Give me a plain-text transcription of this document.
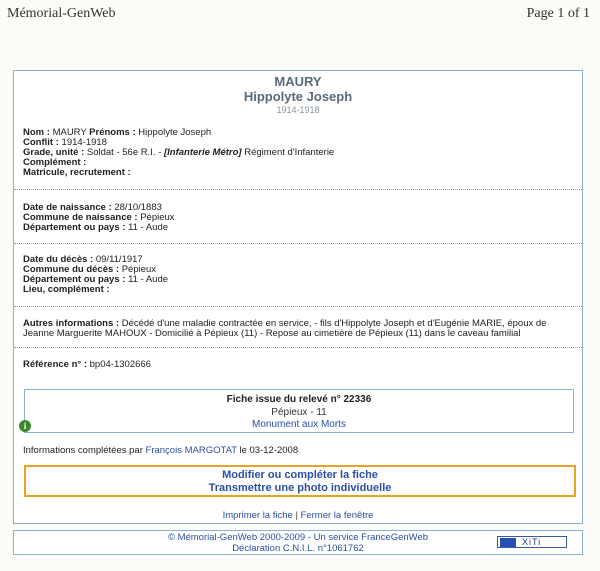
Mémorial-GenWeb	Page 1 of 1
MAURY
Hippolyte Joseph
1914-1918
Nom : MAURY Prénoms : Hippolyte Joseph
Conflit : 1914-1918
Grade, unité : Soldat - 56e R.I. - [Infanterie Métro] Régiment d'Infanterie
Complément :
Matricule, recrutement :
Date de naissance : 28/10/1883
Commune de naissance : Pépieux
Département ou pays : 11 - Aude
Date du décès : 09/11/1917
Commune du décès : Pépieux
Département ou pays : 11 - Aude
Lieu, complément :
Autres informations : Décédé d'une maladie contractée en service, - fils d'Hippolyte Joseph et d'Eugénie MARIE, époux de Jeanne Marguerite MAHOUX - Domicilié à Pépieux (11) - Repose au cimetière de Pépieux (11) dans le caveau familial
Référence n° : bp04-1302666
Fiche issue du relevé n° 22336
Pépieux - 11
Monument aux Morts
i
Informations complétées par François MARGOTAT le 03-12-2008
Modifier ou compléter la fiche
Transmettre une photo individuelle
Imprimer la fiche | Fermer la fenêtre
© Mémorial-GenWeb 2000-2009 - Un service FranceGenWeb
Déclaration C.N.I.L. n°1061762
XiTi
